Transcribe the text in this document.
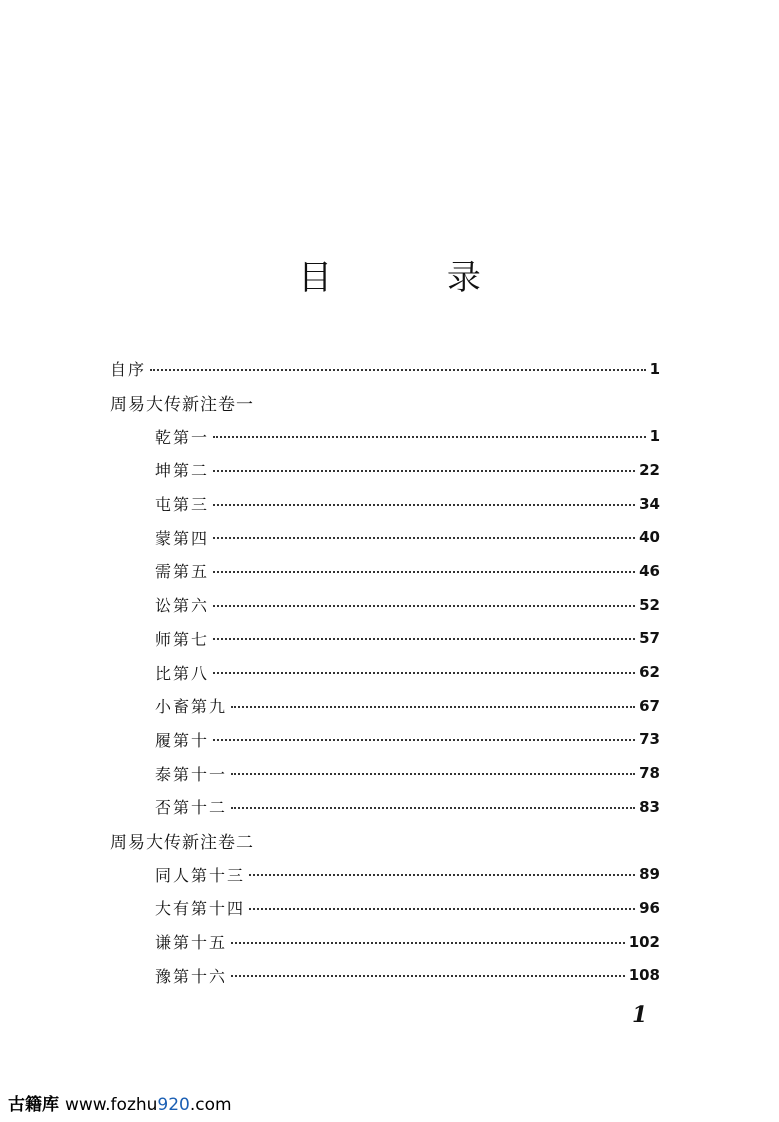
目 录
自序	1
周易大传新注卷一
乾第一	1
坤第二	22
屯第三	34
蒙第四	40
需第五	46
讼第六	52
师第七	57
比第八	62
小畜第九	67
履第十	73
泰第十一	78
否第十二	83
周易大传新注卷二
同人第十三	89
大有第十四	96
谦第十五	102
豫第十六	108
1
古籍库 www.fozhu920.com
